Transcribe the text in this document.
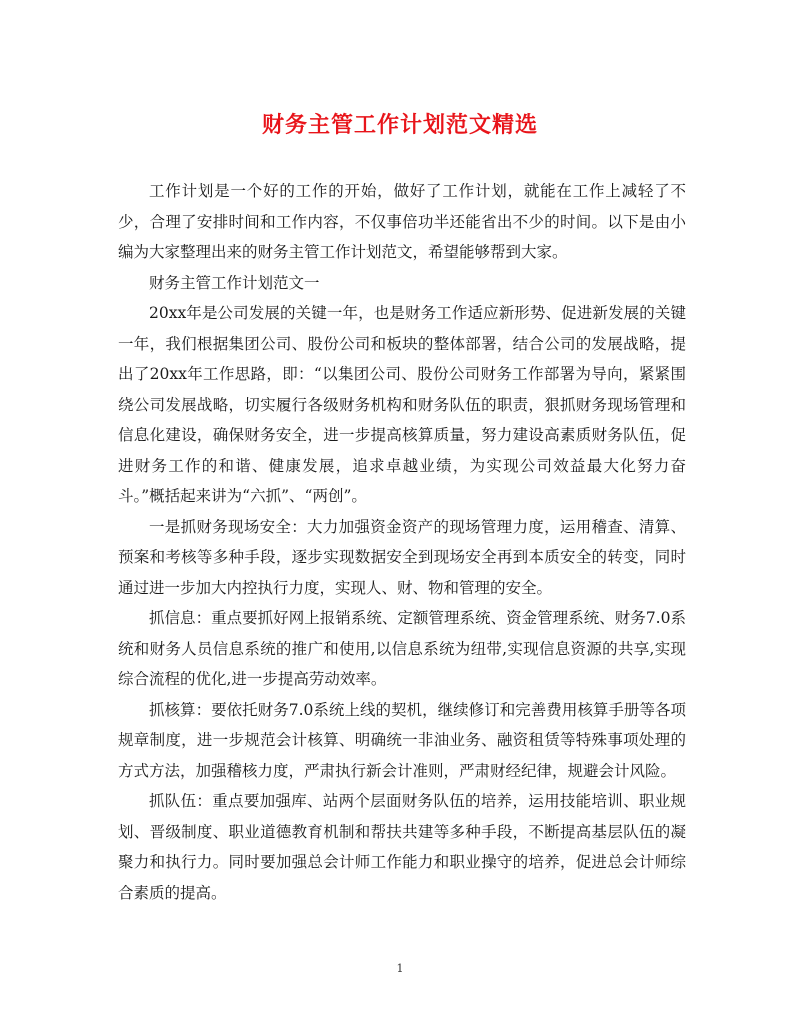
财务主管工作计划范文精选

工作计划是一个好的工作的开始，做好了工作计划，就能在工作上减轻了不少，合理了安排时间和工作内容，不仅事倍功半还能省出不少的时间。以下是由小编为大家整理出来的财务主管工作计划范文，希望能够帮到大家。

财务主管工作计划范文一

20xx年是公司发展的关键一年，也是财务工作适应新形势、促进新发展的关键一年，我们根据集团公司、股份公司和板块的整体部署，结合公司的发展战略，提出了20xx年工作思路，即：“以集团公司、股份公司财务工作部署为导向，紧紧围绕公司发展战略，切实履行各级财务机构和财务队伍的职责，狠抓财务现场管理和信息化建设，确保财务安全，进一步提高核算质量，努力建设高素质财务队伍，促进财务工作的和谐、健康发展，追求卓越业绩，为实现公司效益最大化努力奋斗。”概括起来讲为“六抓”、“两创”。

一是抓财务现场安全：大力加强资金资产的现场管理力度，运用稽查、清算、预案和考核等多种手段，逐步实现数据安全到现场安全再到本质安全的转变，同时通过进一步加大内控执行力度，实现人、财、物和管理的安全。

抓信息：重点要抓好网上报销系统、定额管理系统、资金管理系统、财务7.0系统和财务人员信息系统的推广和使用,以信息系统为纽带,实现信息资源的共享,实现综合流程的优化,进一步提高劳动效率。

抓核算：要依托财务7.0系统上线的契机，继续修订和完善费用核算手册等各项规章制度，进一步规范会计核算、明确统一非油业务、融资租赁等特殊事项处理的方式方法，加强稽核力度，严肃执行新会计准则，严肃财经纪律，规避会计风险。

抓队伍：重点要加强库、站两个层面财务队伍的培养，运用技能培训、职业规划、晋级制度、职业道德教育机制和帮扶共建等多种手段，不断提高基层队伍的凝聚力和执行力。同时要加强总会计师工作能力和职业操守的培养，促进总会计师综合素质的提高。

1
